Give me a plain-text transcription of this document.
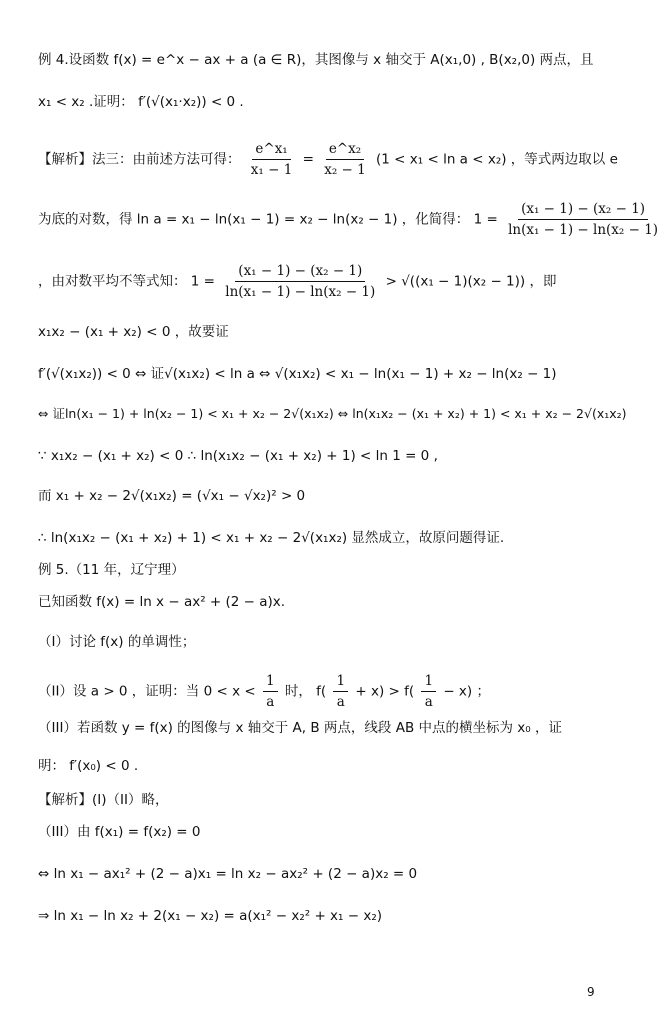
例 4.设函数 f(x) = e^x − ax + a (a ∈ R)，其图像与 x 轴交于 A(x₁,0) , B(x₂,0) 两点，且
x₁ < x₂ .证明： f′(√(x₁·x₂)) < 0 .
【解析】法三：由前述方法可得： $\frac{\text{e\textasciicircum{}x₁}}{\text{x₁ − 1}} = \frac{\text{e\textasciicircum{}x₂}}{\text{x₂ − 1}} (1 < x_1 < \ln a < x_2)$ ，等式两边取以 e
为底的对数，得 ln a = x₁ − ln(x₁ − 1) = x₂ − ln(x₂ − 1) ，化简得： $1 = \frac{\text{(x₁ − 1) − (x₂ − 1)}}{\text{ln(x₁ − 1) − ln(x₂ − 1)}}$
，由对数平均不等式知： $1 = \frac{\text{(x₁ − 1) − (x₂ − 1)}}{\text{ln(x₁ − 1) − ln(x₂ − 1)}} > √((x_1 - 1)(x_2 - 1))$ ，即
x₁x₂ − (x₁ + x₂) < 0 ，故要证
f′(√(x₁x₂)) < 0 ⇔ 证√(x₁x₂) < ln a ⇔ √(x₁x₂) < x₁ − ln(x₁ − 1) + x₂ − ln(x₂ − 1)
⇔ 证ln(x₁ − 1) + ln(x₂ − 1) < x₁ + x₂ − 2√(x₁x₂) ⇔ ln(x₁x₂ − (x₁ + x₂) + 1) < x₁ + x₂ − 2√(x₁x₂)
∵ x₁x₂ − (x₁ + x₂) < 0 ∴ ln(x₁x₂ − (x₁ + x₂) + 1) < ln 1 = 0 ,
而 x₁ + x₂ − 2√(x₁x₂) = (√x₁ − √x₂)² > 0
∴ ln(x₁x₂ − (x₁ + x₂) + 1) < x₁ + x₂ − 2√(x₁x₂) 显然成立，故原问题得证.
例 5.（11 年，辽宁理）
已知函数 f(x) = ln x − ax² + (2 − a)x.
（I）讨论 f(x) 的单调性；
（II）设 a > 0 ，证明：当 $0 < x < \frac{1}{a}$ 时， $f( \frac{1}{a} + x) > f( \frac{1}{a} - x)$ ；
（III）若函数 y = f(x) 的图像与 x 轴交于 A, B 两点，线段 AB 中点的横坐标为 x₀ ，证
明： f′(x₀) < 0 .
【解析】(I)（II）略，
（III）由 f(x₁) = f(x₂) = 0
⇔ ln x₁ − ax₁² + (2 − a)x₁ = ln x₂ − ax₂² + (2 − a)x₂ = 0
⇒ ln x₁ − ln x₂ + 2(x₁ − x₂) = a(x₁² − x₂² + x₁ − x₂)
9
